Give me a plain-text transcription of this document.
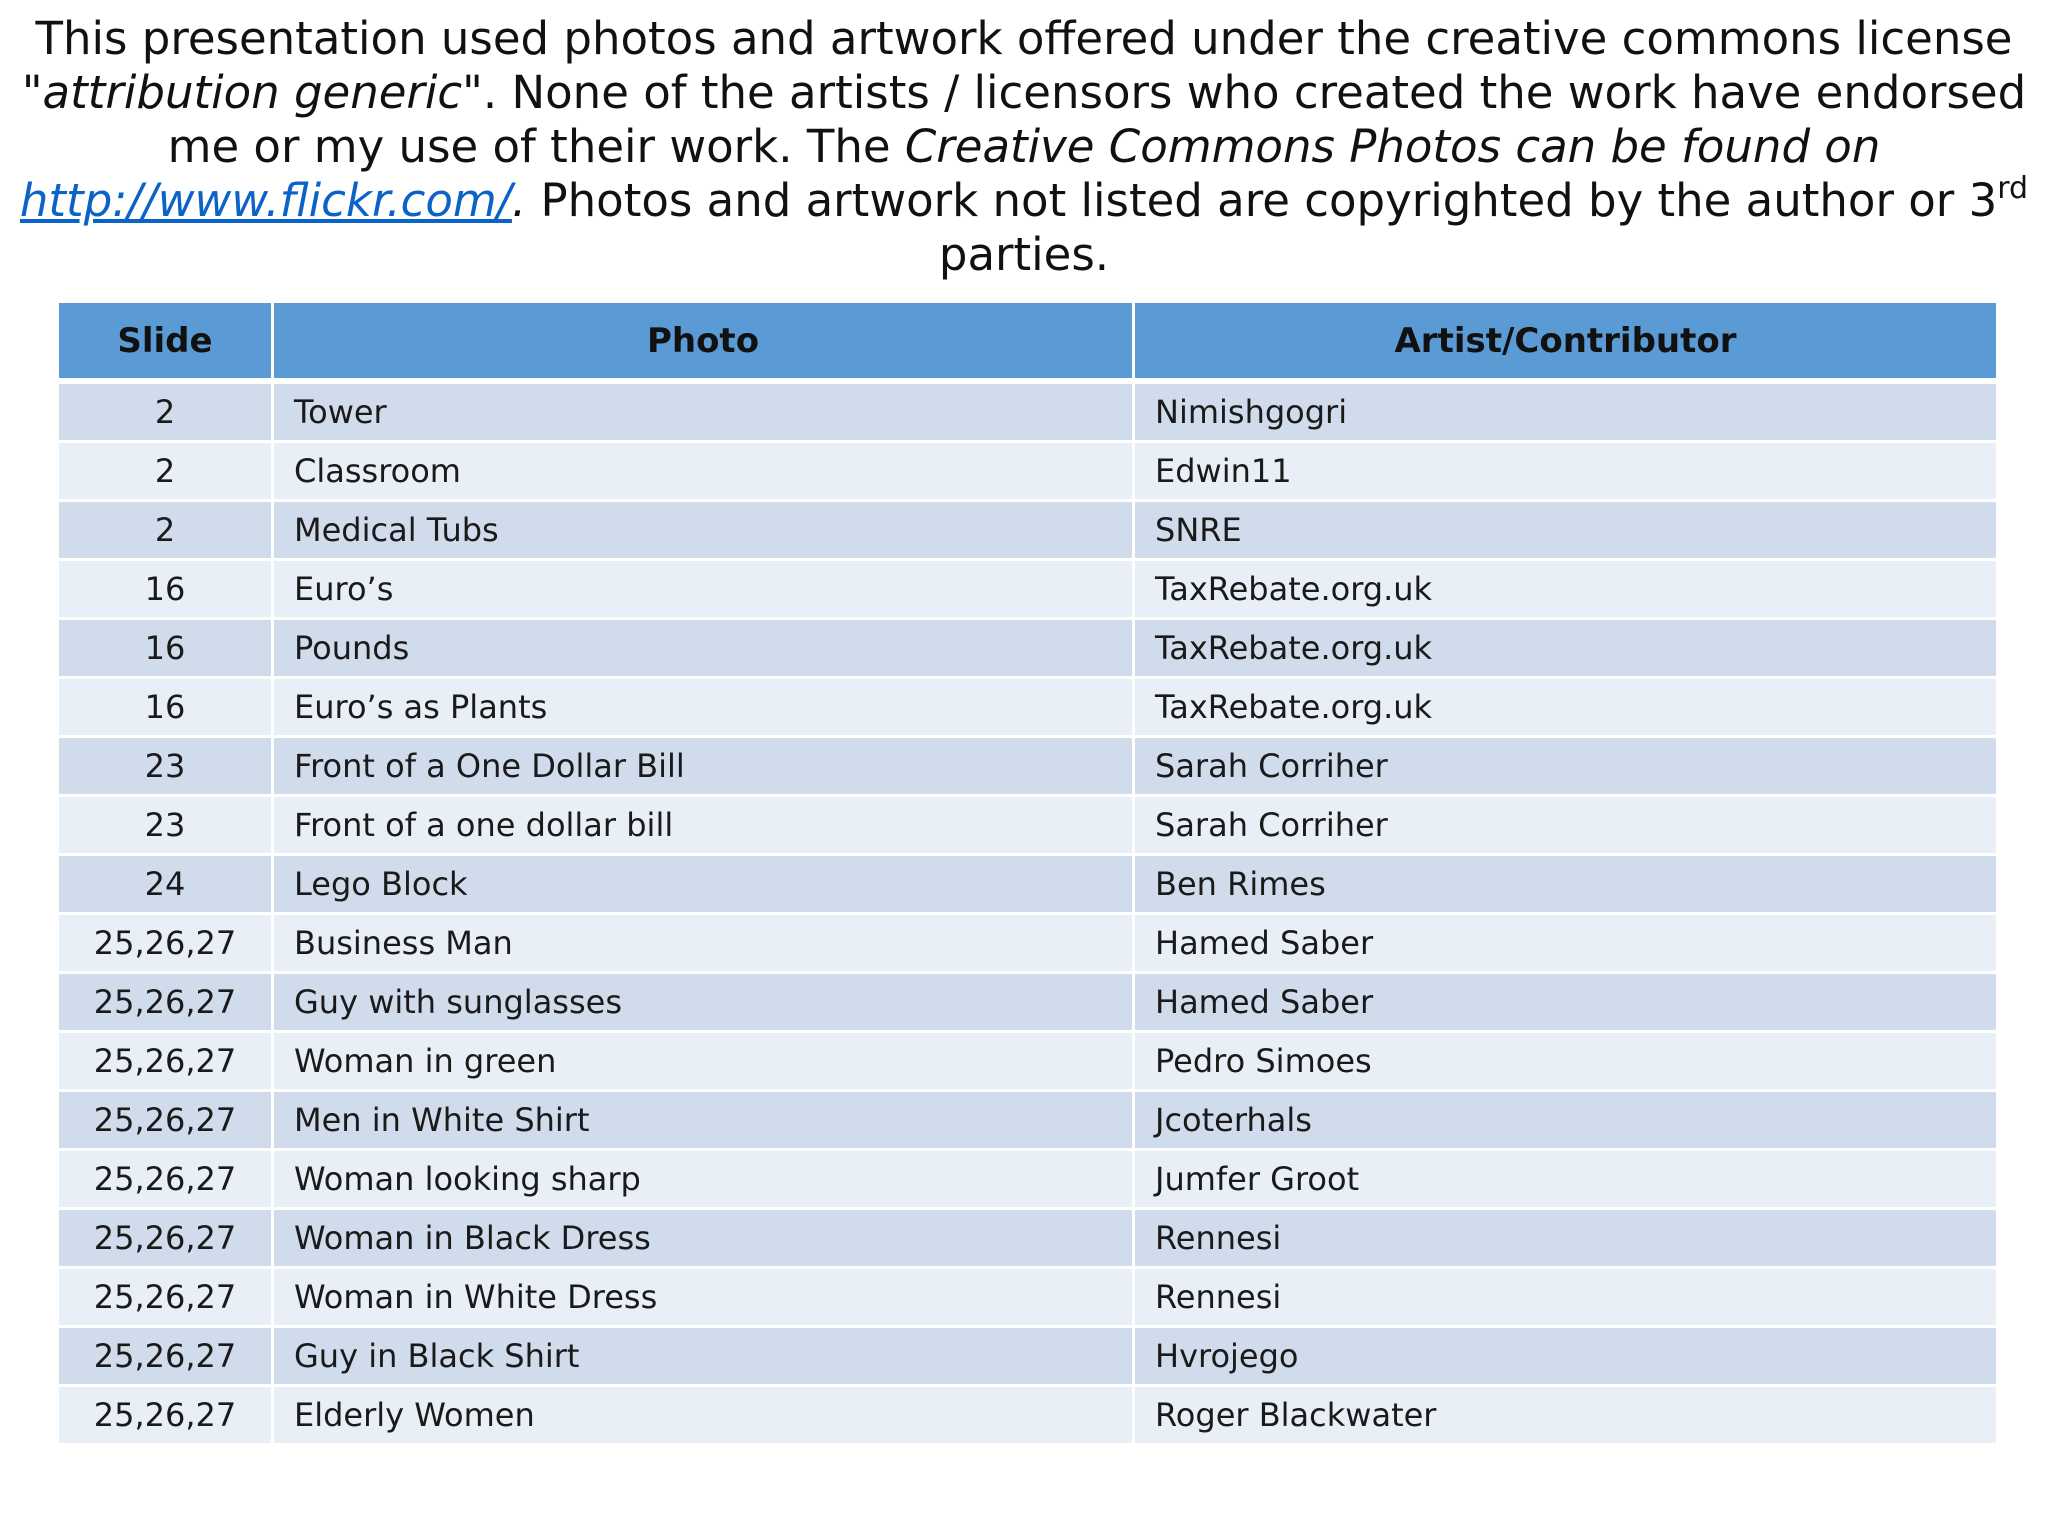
This presentation used photos and artwork offered under the creative commons license "attribution generic". None of the artists / licensors who created the work have endorsed me or my use of their work. The Creative Commons Photos can be found on http://www.flickr.com/. Photos and artwork not listed are copyrighted by the author or 3rd parties.
Slide	Photo	Artist/Contributor
2	Tower	Nimishgogri
2	Classroom	Edwin11
2	Medical Tubs	SNRE
16	Euro’s	TaxRebate.org.uk
16	Pounds	TaxRebate.org.uk
16	Euro’s as Plants	TaxRebate.org.uk
23	Front of a One Dollar Bill	Sarah Corriher
23	Front of a one dollar bill	Sarah Corriher
24	Lego Block	Ben Rimes
25,26,27	Business Man	Hamed Saber
25,26,27	Guy with sunglasses	Hamed Saber
25,26,27	Woman in green	Pedro Simoes
25,26,27	Men in White Shirt	Jcoterhals
25,26,27	Woman looking sharp	Jumfer Groot
25,26,27	Woman in Black Dress	Rennesi
25,26,27	Woman in White Dress	Rennesi
25,26,27	Guy in Black Shirt	Hvrojego
25,26,27	Elderly Women	Roger Blackwater
